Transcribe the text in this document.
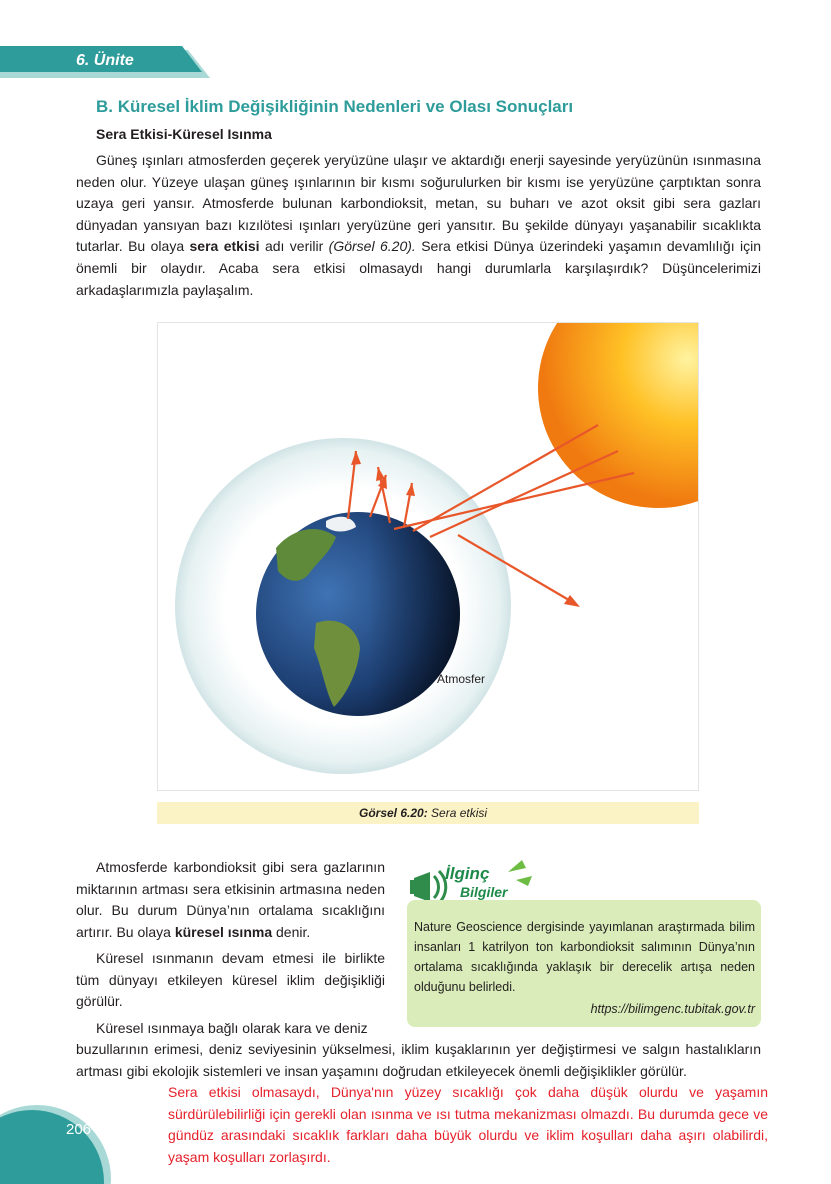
6. Ünite
B. Küresel İklim Değişikliğinin Nedenleri ve Olası Sonuçları
Sera Etkisi-Küresel Isınma

Güneş ışınları atmosferden geçerek yeryüzüne ulaşır ve aktardığı enerji sayesinde yeryüzünün ısınmasına neden olur. Yüzeye ulaşan güneş ışınlarının bir kısmı soğurulurken bir kısmı ise yeryüzüne çarptıktan sonra uzaya geri yansır. Atmosferde bulunan karbondioksit, metan, su buharı ve azot oksit gibi sera gazları dünyadan yansıyan bazı kızılötesi ışınları yeryüzüne geri yansıtır. Bu şekilde dünyayı yaşanabilir sıcaklıkta tutarlar. Bu olaya sera etkisi adı verilir (Görsel 6.20). Sera etkisi Dünya üzerindeki yaşamın devamlılığı için önemli bir olaydır. Acaba sera etkisi olmasaydı hangi durumlarla karşılaşırdık? Düşüncelerimizi arkadaşlarımızla paylaşalım.

Atmosfer
Görsel 6.20: Sera etkisi

Atmosferde karbondioksit gibi sera gazlarının miktarının artması sera etkisinin artmasına neden olur. Bu durum Dünya’nın ortalama sıcaklığını artırır. Bu olaya küresel ısınma denir.

Küresel ısınmanın devam etmesi ile birlikte tüm dünyayı etkileyen küresel iklim değişikliği görülür.

Küresel ısınmaya bağlı olarak kara ve deniz

buzullarının erimesi, deniz seviyesinin yükselmesi, iklim kuşaklarının yer değiştirmesi ve salgın hastalıkların artması gibi ekolojik sistemleri ve insan yaşamını doğrudan etkileyecek önemli değişiklikler görülür.

İlginç
Bilgiler

Nature Geoscience dergisinde yayımlanan araştırmada bilim insanları 1 katrilyon ton karbondioksit salımının Dünya’nın ortalama sıcaklığında yaklaşık bir derecelik artışa neden olduğunu belirledi.

https://bilimgenc.tubitak.gov.tr

Sera etkisi olmasaydı, Dünya'nın yüzey sıcaklığı çok daha düşük olurdu ve yaşamın sürdürülebilirliği için gerekli olan ısınma ve ısı tutma mekanizması olmazdı. Bu durumda gece ve gündüz arasındaki sıcaklık farkları daha büyük olurdu ve iklim koşulları daha aşırı olabilirdi, yaşam koşulları zorlaşırdı.

206
